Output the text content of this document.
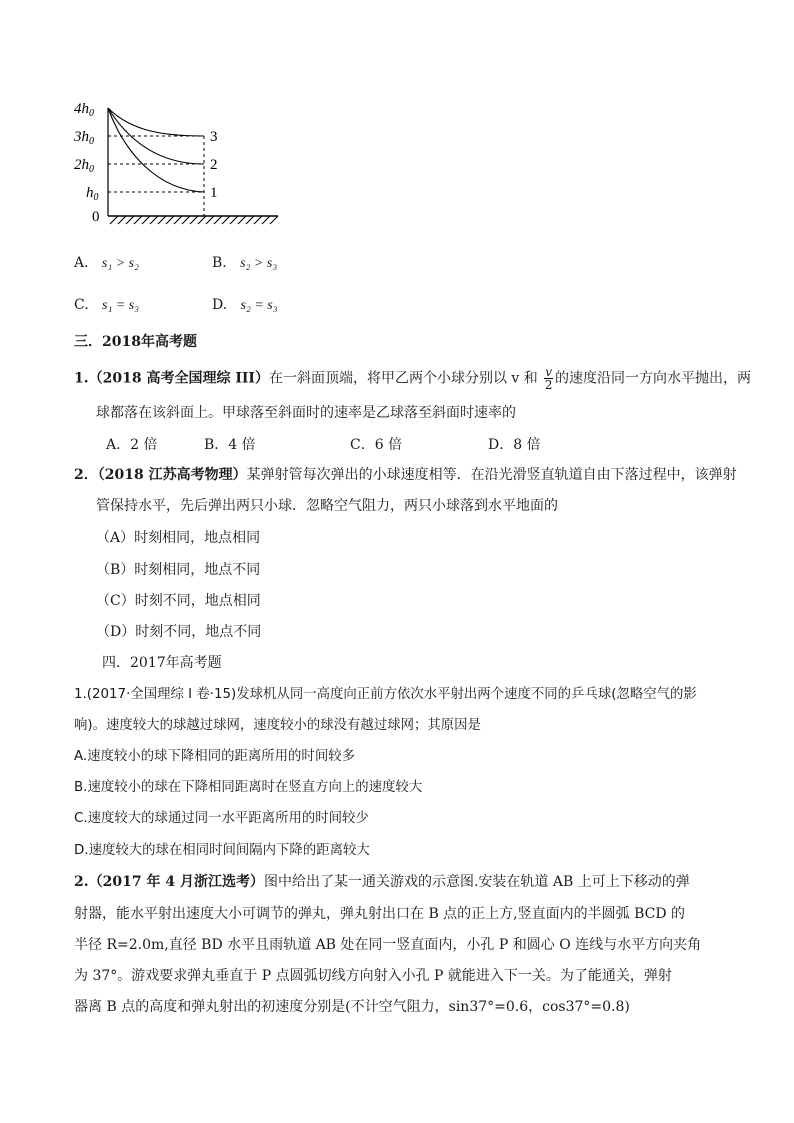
$4h_0$
$3h_0$
$2h_0$
$h_0$
0
3
2
1
A. s₁ > s₂	B. s₂ > s₃
C. s₁ = s₃	D. s₂ = s₃
三．2018年高考题
1.（2018 高考全国理综 III）在一斜面顶端，将甲乙两个小球分别以 v 和 $\frac{v}{2}$ 的速度沿同一方向水平抛出，两
球都落在该斜面上。甲球落至斜面时的速率是乙球落至斜面时速率的
A．2 倍	B．4 倍	C．6 倍	D．8 倍
2．（2018 江苏高考物理）某弹射管每次弹出的小球速度相等．在沿光滑竖直轨道自由下落过程中，该弹射
管保持水平，先后弹出两只小球．忽略空气阻力，两只小球落到水平地面的
（A）时刻相同，地点相同
（B）时刻相同，地点不同
（C）时刻不同，地点相同
（D）时刻不同，地点不同
四．2017年高考题
1.(2017·全国理综 I 卷·15)发球机从同一高度向正前方依次水平射出两个速度不同的乒乓球(忽略空气的影
响)。速度较大的球越过球网，速度较小的球没有越过球网；其原因是
A.速度较小的球下降相同的距离所用的时间较多
B.速度较小的球在下降相同距离时在竖直方向上的速度较大
C.速度较大的球通过同一水平距离所用的时间较少
D.速度较大的球在相同时间间隔内下降的距离较大
2.（2017 年 4 月浙江选考）图中给出了某一通关游戏的示意图.安装在轨道 AB 上可上下移动的弹
射器，能水平射出速度大小可调节的弹丸，弹丸射出口在 B 点的正上方,竖直面内的半圆弧 BCD 的
半径 R=2.0m,直径 BD 水平且雨轨道 AB 处在同一竖直面内，小孔 P 和圆心 O 连线与水平方向夹角
为 37°。游戏要求弹丸垂直于 P 点圆弧切线方向射入小孔 P 就能进入下一关。为了能通关，弹射
器离 B 点的高度和弹丸射出的初速度分别是(不计空气阻力，sin37°=0.6，cos37°=0.8)
